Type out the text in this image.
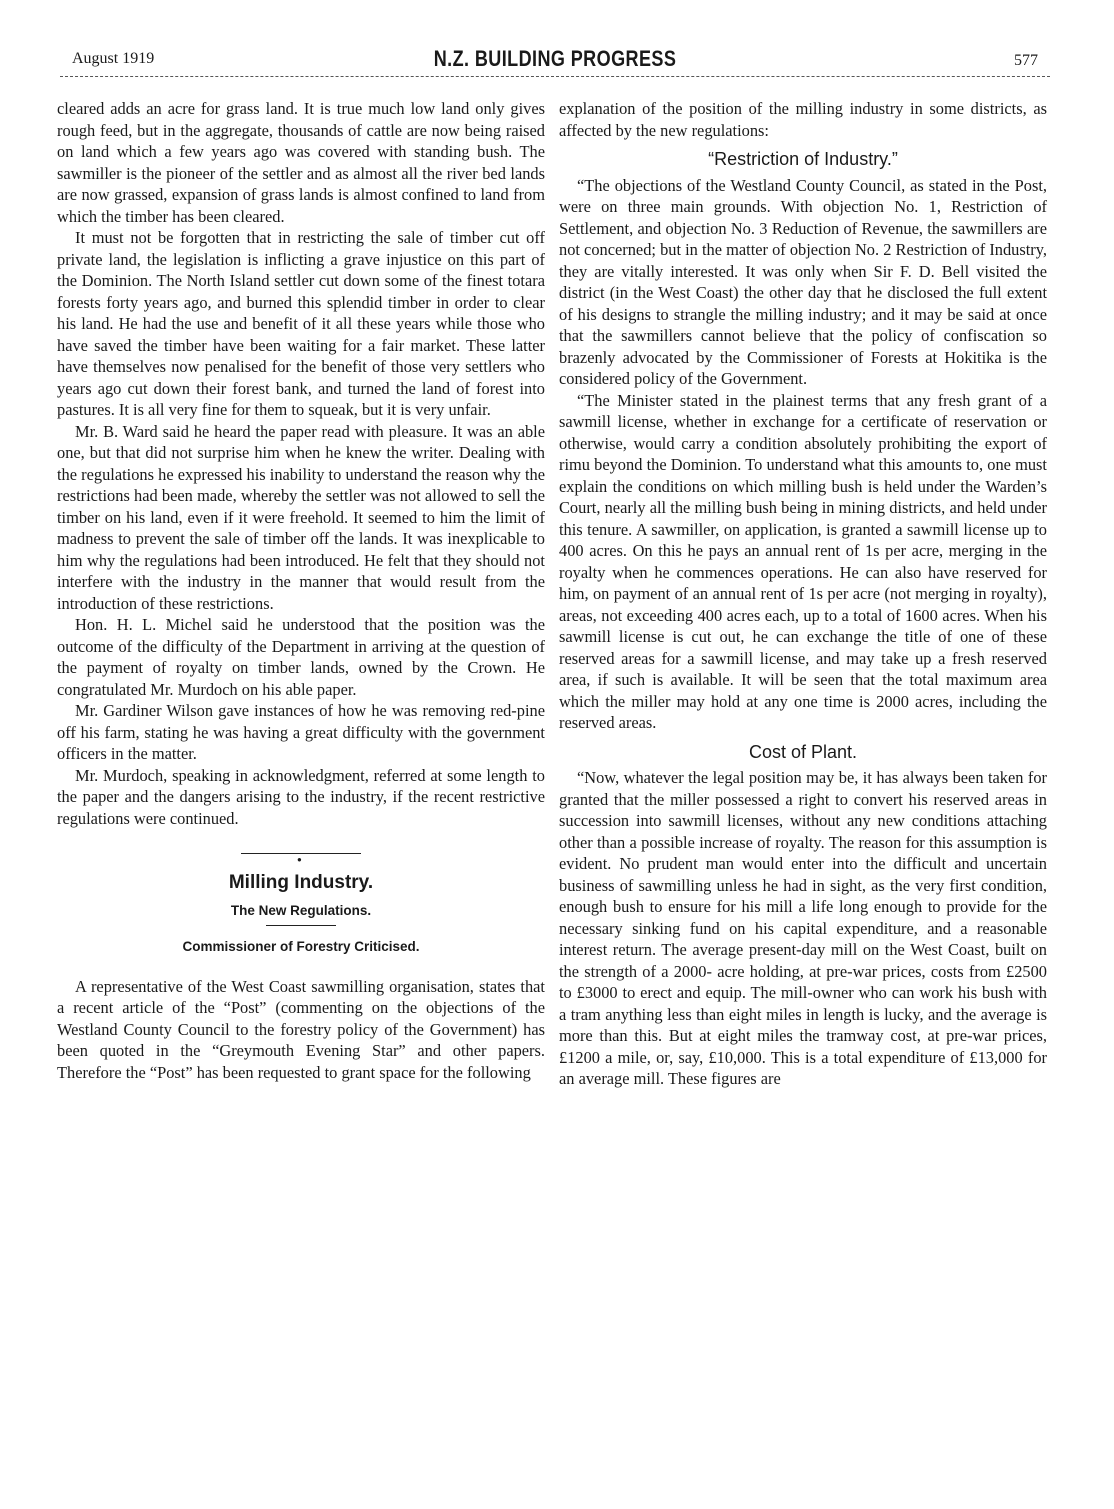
August 1919	N.Z. BUILDING PROGRESS	577

cleared adds an acre for grass land. It is true much low land only gives rough feed, but in the aggregate, thousands of cattle are now being raised on land which a few years ago was covered with standing bush. The sawmiller is the pioneer of the settler and as almost all the river bed lands are now grassed, expansion of grass lands is almost confined to land from which the timber has been cleared.

It must not be forgotten that in restricting the sale of timber cut off private land, the legislation is inflicting a grave injustice on this part of the Dominion. The North Island settler cut down some of the finest totara forests forty years ago, and burned this splendid timber in order to clear his land. He had the use and benefit of it all these years while those who have saved the timber have been waiting for a fair market. These latter have themselves now penalised for the benefit of those very settlers who years ago cut down their forest bank, and turned the land of forest into pastures. It is all very fine for them to squeak, but it is very unfair.

Mr. B. Ward said he heard the paper read with pleasure. It was an able one, but that did not surprise him when he knew the writer. Dealing with the regulations he expressed his inability to understand the reason why the restrictions had been made, whereby the settler was not allowed to sell the timber on his land, even if it were freehold. It seemed to him the limit of madness to prevent the sale of timber off the lands. It was inexplicable to him why the regulations had been introduced. He felt that they should not interfere with the industry in the manner that would result from the introduction of these restrictions.

Hon. H. L. Michel said he understood that the position was the outcome of the difficulty of the Department in arriving at the question of the payment of royalty on timber lands, owned by the Crown. He congratulated Mr. Murdoch on his able paper.

Mr. Gardiner Wilson gave instances of how he was removing red-pine off his farm, stating he was having a great difficulty with the government officers in the matter.

Mr. Murdoch, speaking in acknowledgment, referred at some length to the paper and the dangers arising to the industry, if the recent restrictive regulations were continued.

●
Milling Industry.
The New Regulations.
Commissioner of Forestry Criticised.

A representative of the West Coast sawmilling organisation, states that a recent article of the “Post” (commenting on the objections of the Westland County Council to the forestry policy of the Government) has been quoted in the “Greymouth Evening Star” and other papers. Therefore the “Post” has been requested to grant space for the following

explanation of the position of the milling industry in some districts, as affected by the new regulations:

“Restriction of Industry.”

“The objections of the Westland County Council, as stated in the Post, were on three main grounds. With objection No. 1, Restriction of Settlement, and objection No. 3 Reduction of Revenue, the sawmillers are not concerned; but in the matter of objection No. 2 Restriction of Industry, they are vitally interested. It was only when Sir F. D. Bell visited the district (in the West Coast) the other day that he disclosed the full extent of his designs to strangle the milling industry; and it may be said at once that the sawmillers cannot believe that the policy of confiscation so brazenly advocated by the Commissioner of Forests at Hokitika is the considered policy of the Government.

“The Minister stated in the plainest terms that any fresh grant of a sawmill license, whether in exchange for a certificate of reservation or otherwise, would carry a condition absolutely prohibiting the export of rimu beyond the Dominion. To understand what this amounts to, one must explain the conditions on which milling bush is held under the Warden’s Court, nearly all the milling bush being in mining districts, and held under this tenure. A sawmiller, on application, is granted a sawmill license up to 400 acres. On this he pays an annual rent of 1s per acre, merging in the royalty when he commences operations. He can also have reserved for him, on payment of an annual rent of 1s per acre (not merging in royalty), areas, not exceeding 400 acres each, up to a total of 1600 acres. When his sawmill license is cut out, he can exchange the title of one of these reserved areas for a sawmill license, and may take up a fresh reserved area, if such is available. It will be seen that the total maximum area which the miller may hold at any one time is 2000 acres, including the reserved areas.

Cost of Plant.

“Now, whatever the legal position may be, it has always been taken for granted that the miller possessed a right to convert his reserved areas in succession into sawmill licenses, without any new conditions attaching other than a possible increase of royalty. The reason for this assumption is evident. No prudent man would enter into the difficult and uncertain business of sawmilling unless he had in sight, as the very first condition, enough bush to ensure for his mill a life long enough to provide for the necessary sinking fund on his capital expenditure, and a reasonable interest return. The average present-day mill on the West Coast, built on the strength of a 2000- acre holding, at pre-war prices, costs from £2500 to £3000 to erect and equip. The mill-owner who can work his bush with a tram anything less than eight miles in length is lucky, and the average is more than this. But at eight miles the tramway cost, at pre-war prices, £1200 a mile, or, say, £10,000. This is a total expenditure of £13,000 for an average mill. These figures are
